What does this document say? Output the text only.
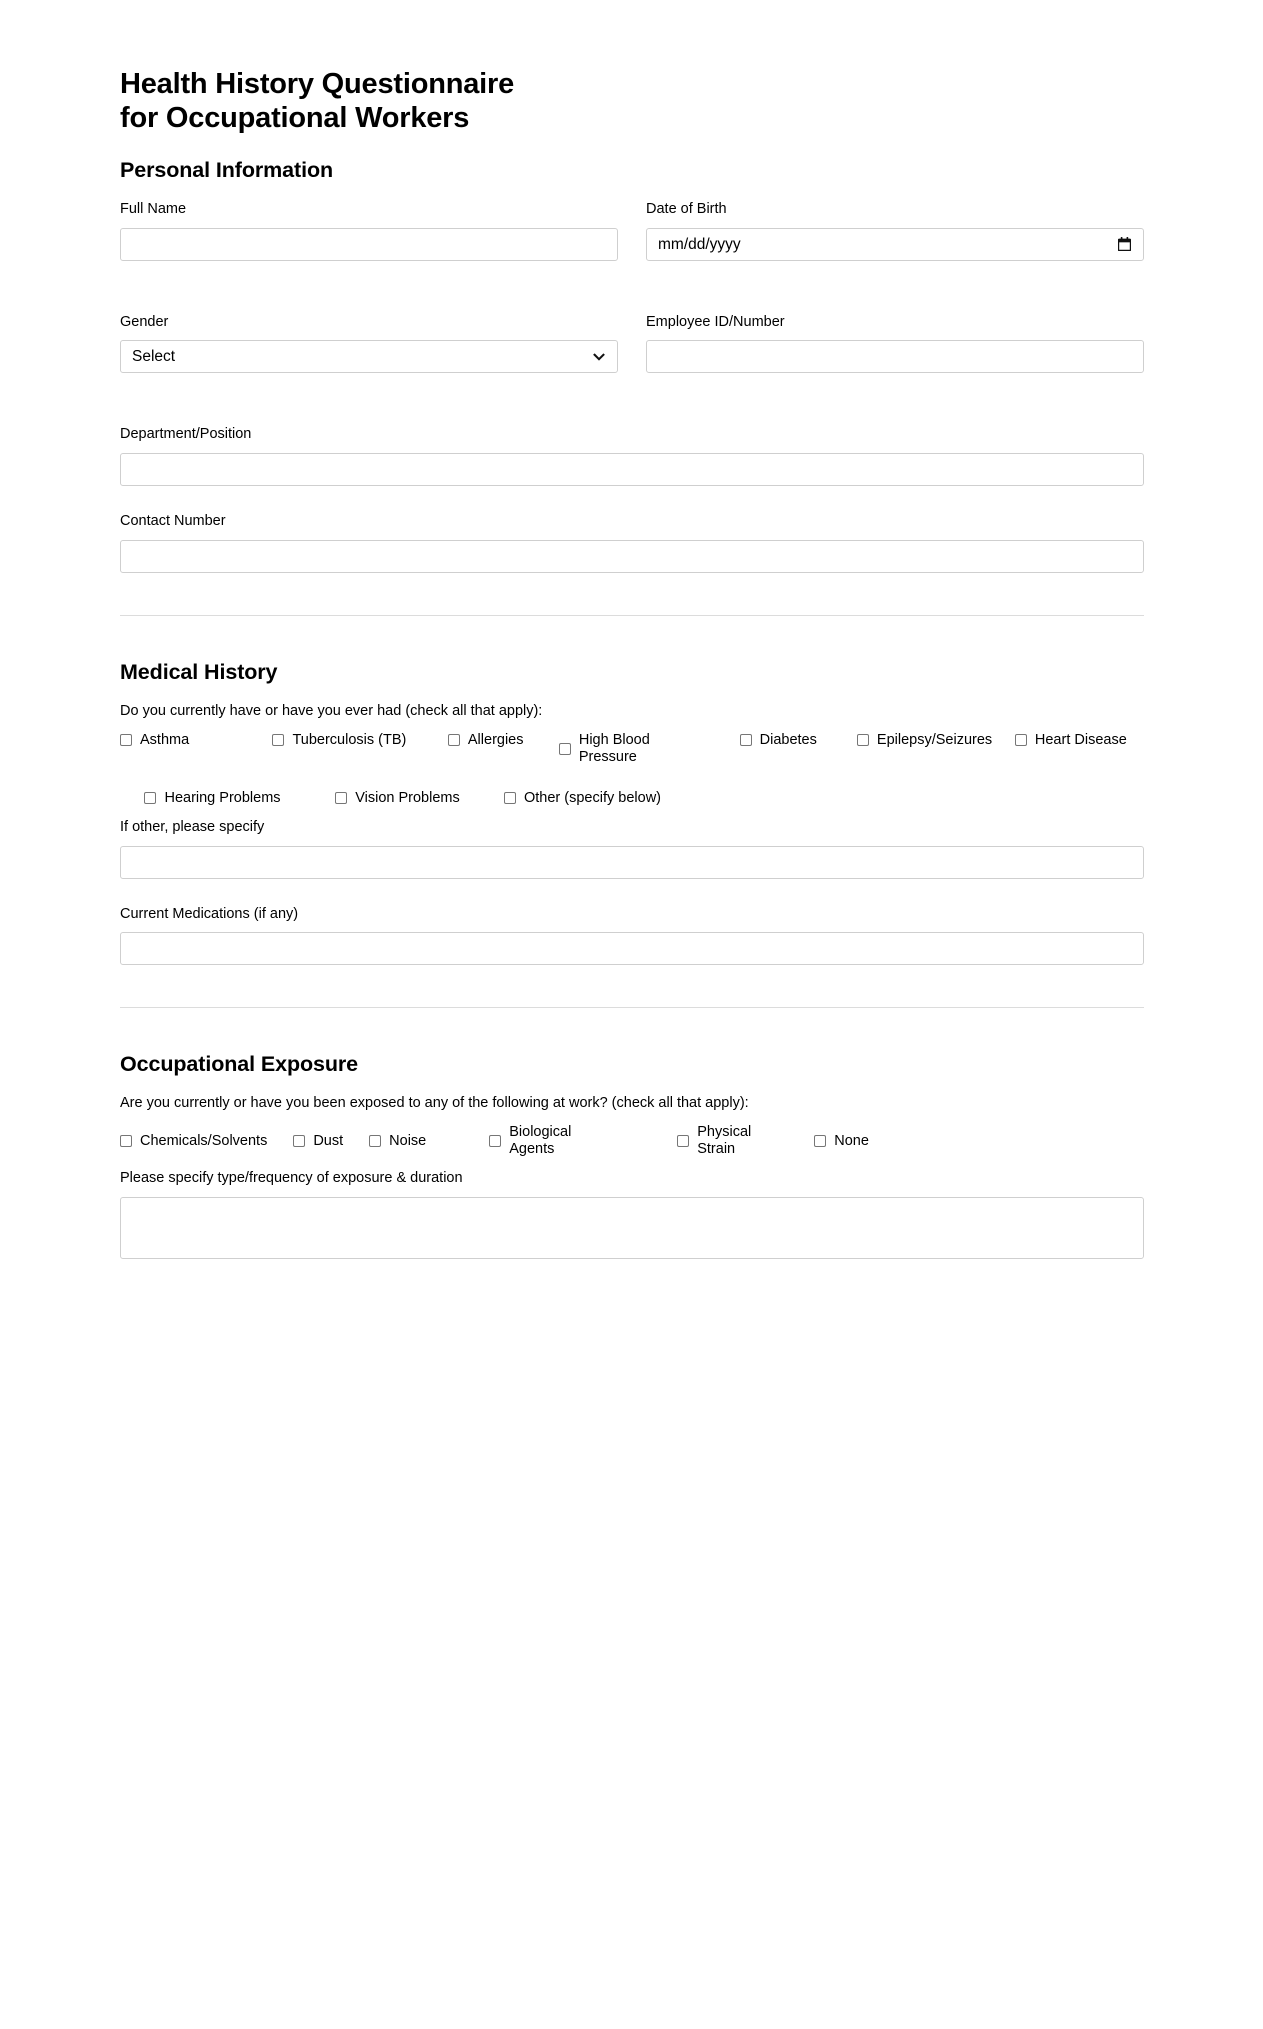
Health History Questionnaire
for Occupational Workers
Personal Information
Full Name	Date of Birth
mm/dd/yyyy
Gender
Select
Employee ID/Number
Department/Position
Contact Number
Medical History

Do you currently have or have you ever had (check all that apply):

Asthma	Tuberculosis (TB)	Allergies	High Blood Pressure
Diabetes	Epilepsy/Seizures	Heart Disease
Hearing Problems	Vision Problems	Other (specify below)
If other, please specify
Current Medications (if any)
Occupational Exposure

Are you currently or have you been exposed to any of the following at work? (check all that apply):

Chemicals/Solvents	Dust	Noise
Biological Agents
Physical Strain
None
Please specify type/frequency of exposure & duration
